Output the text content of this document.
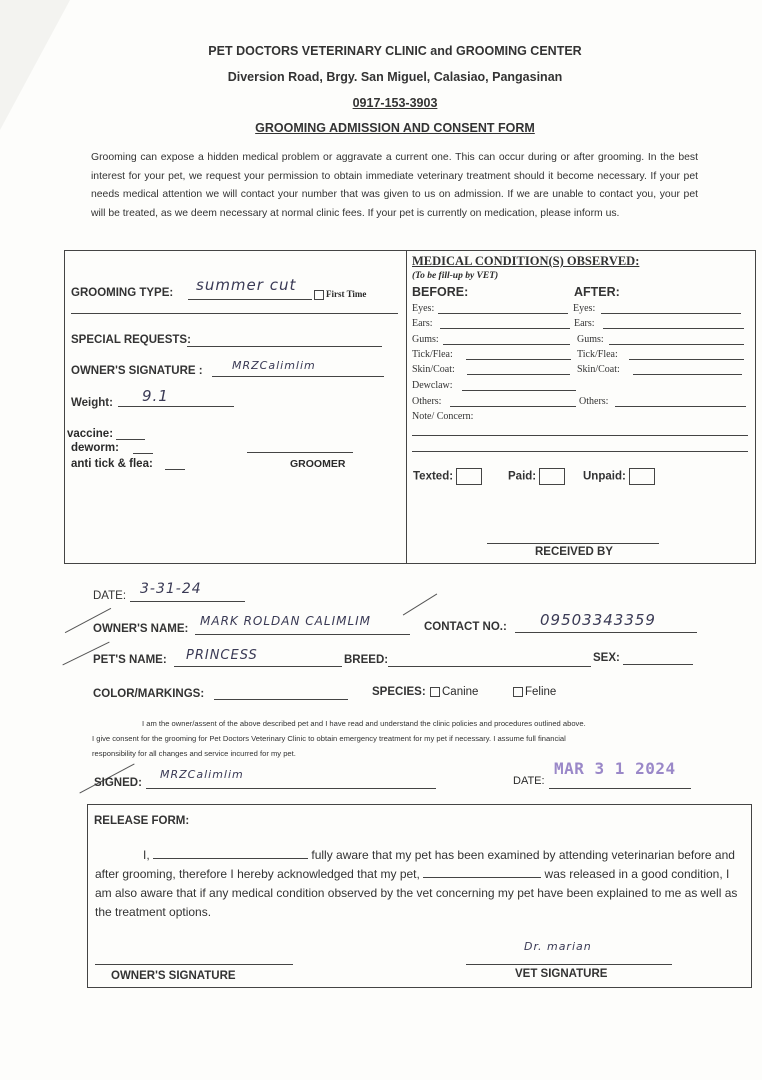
PET DOCTORS VETERINARY CLINIC and GROOMING CENTER
Diversion Road, Brgy. San Miguel, Calasiao, Pangasinan
0917-153-3903
GROOMING ADMISSION AND CONSENT FORM
Grooming can expose a hidden medical problem or aggravate a current one. This can occur during or after grooming. In the best interest for your pet, we request your permission to obtain immediate veterinary treatment should it become necessary. If your pet needs medical attention we will contact your number that was given to us on admission. If we are unable to contact you, your pet will be treated, as we deem necessary at normal clinic fees. If your pet is currently on medication, please inform us.
GROOMING TYPE: summer cut	First Time
SPECIAL REQUESTS:
OWNER'S SIGNATURE :	MRZCalimlim
Weight: 9.1
vaccine:
deworm:
anti tick & flea:	GROOMER
MEDICAL CONDITION(S) OBSERVED:
(To be fill-up by VET)
BEFORE:	AFTER:
Eyes:	Eyes:
Ears:	Ears:
Gums:	Gums:
Tick/Flea:	Tick/Flea:
Skin/Coat:	Skin/Coat:
Dewclaw:
Others:	Others:
Note/ Concern:
Texted:	Paid:	Unpaid:
RECEIVED BY
DATE: 3-31-24
OWNER'S NAME:
MARK ROLDAN CALIMLIM	CONTACT NO.: 09503343359
PET'S NAME: PRINCESS	BREED:	SEX:
COLOR/MARKINGS:	SPECIES:	Canine	Feline
I am the owner/assent of the above described pet and I have read and understand the clinic policies and procedures outlined above.
I give consent for the grooming for Pet Doctors Veterinary Clinic to obtain emergency treatment for my pet if necessary. I assume full financial
responsibility for all changes and service incurred for my pet.
SIGNED:
MRZCalimlim	DATE:
MAR 3 1 2024
RELEASE FORM:
I,	fully aware that my pet has been examined by attending veterinarian before and after grooming, therefore I hereby acknowledged that my pet,	was released in a good condition, I am also aware that if any medical condition observed by the vet concerning my pet have been explained to me as well as the treatment options.
OWNER'S SIGNATURE
Dr. marian
VET SIGNATURE
